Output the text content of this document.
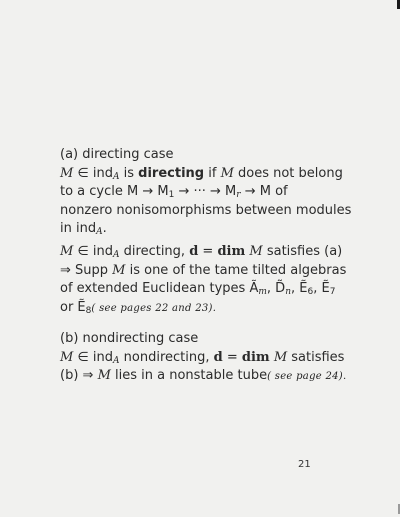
(a) directing case
M ∈ ind$_A$ is directing if M does not belong
to a cycle $M \to M_1$ → ··· → $M_r \to M$ of
nonzero nonisomorphisms between modules
in ind$_A$.
M ∈ ind$_A$ directing, d = dim M satisfies (a)
⇒ Supp M is one of the tame tilted algebras
of extended Euclidean types $Ã_m$, $D̃_n$, Ẽ$_6$, Ẽ$_7$
or Ẽ$_8$( see pages 22 and 23).
(b) nondirecting case
M ∈ ind$_A$ nondirecting, d = dim M satisfies
(b) ⇒ M lies in a nonstable tube( see page 24).
21
